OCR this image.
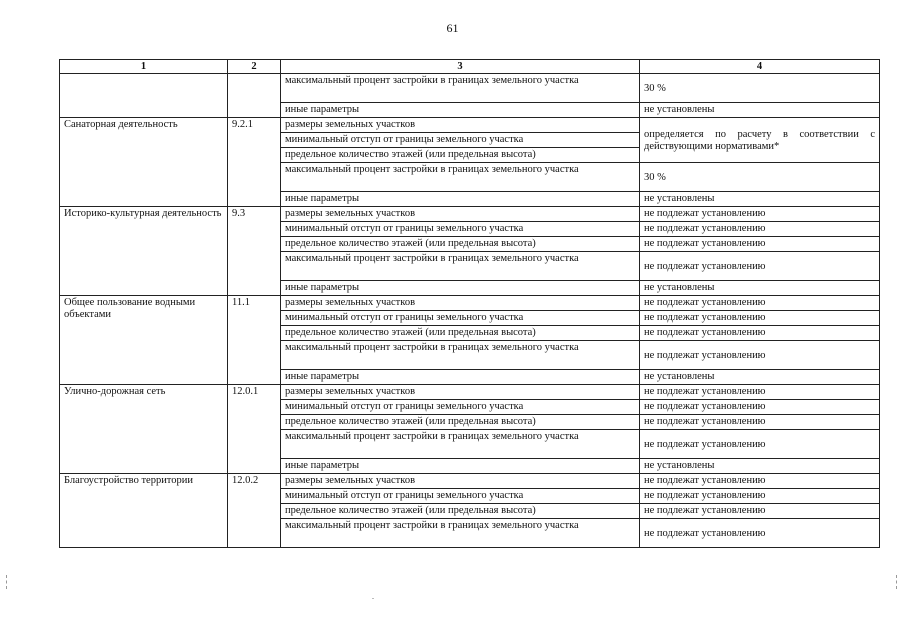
61
1	2	3	4
		максимальный процент застройки в границах земельного участка	30 %
		иные параметры	не установлены
Санаторная деятельность	9.2.1	размеры земельных участков	определяется по расчету в соответствии с действующими нормативами*
		минимальный отступ от границы земельного участка	
		предельное количество этажей (или предельная высота)	
		максимальный процент застройки в границах земельного участка	30 %
		иные параметры	не установлены
Историко-культурная деятельность	9.3	размеры земельных участков	не подлежат установлению
		минимальный отступ от границы земельного участка	не подлежат установлению
		предельное количество этажей (или предельная высота)	не подлежат установлению
		максимальный процент застройки в границах земельного участка	не подлежат установлению
		иные параметры	не установлены
Общее пользование водными объектами	11.1	размеры земельных участков	не подлежат установлению
		минимальный отступ от границы земельного участка	не подлежат установлению
		предельное количество этажей (или предельная высота)	не подлежат установлению
		максимальный процент застройки в границах земельного участка	не подлежат установлению
		иные параметры	не установлены
Улично-дорожная сеть	12.0.1	размеры земельных участков	не подлежат установлению
		минимальный отступ от границы земельного участка	не подлежат установлению
		предельное количество этажей (или предельная высота)	не подлежат установлению
		максимальный процент застройки в границах земельного участка	не подлежат установлению
		иные параметры	не установлены
Благоустройство территории	12.0.2	размеры земельных участков	не подлежат установлению
		минимальный отступ от границы земельного участка	не подлежат установлению
		предельное количество этажей (или предельная высота)	не подлежат установлению
		максимальный процент застройки в границах земельного участка	не подлежат установлению
